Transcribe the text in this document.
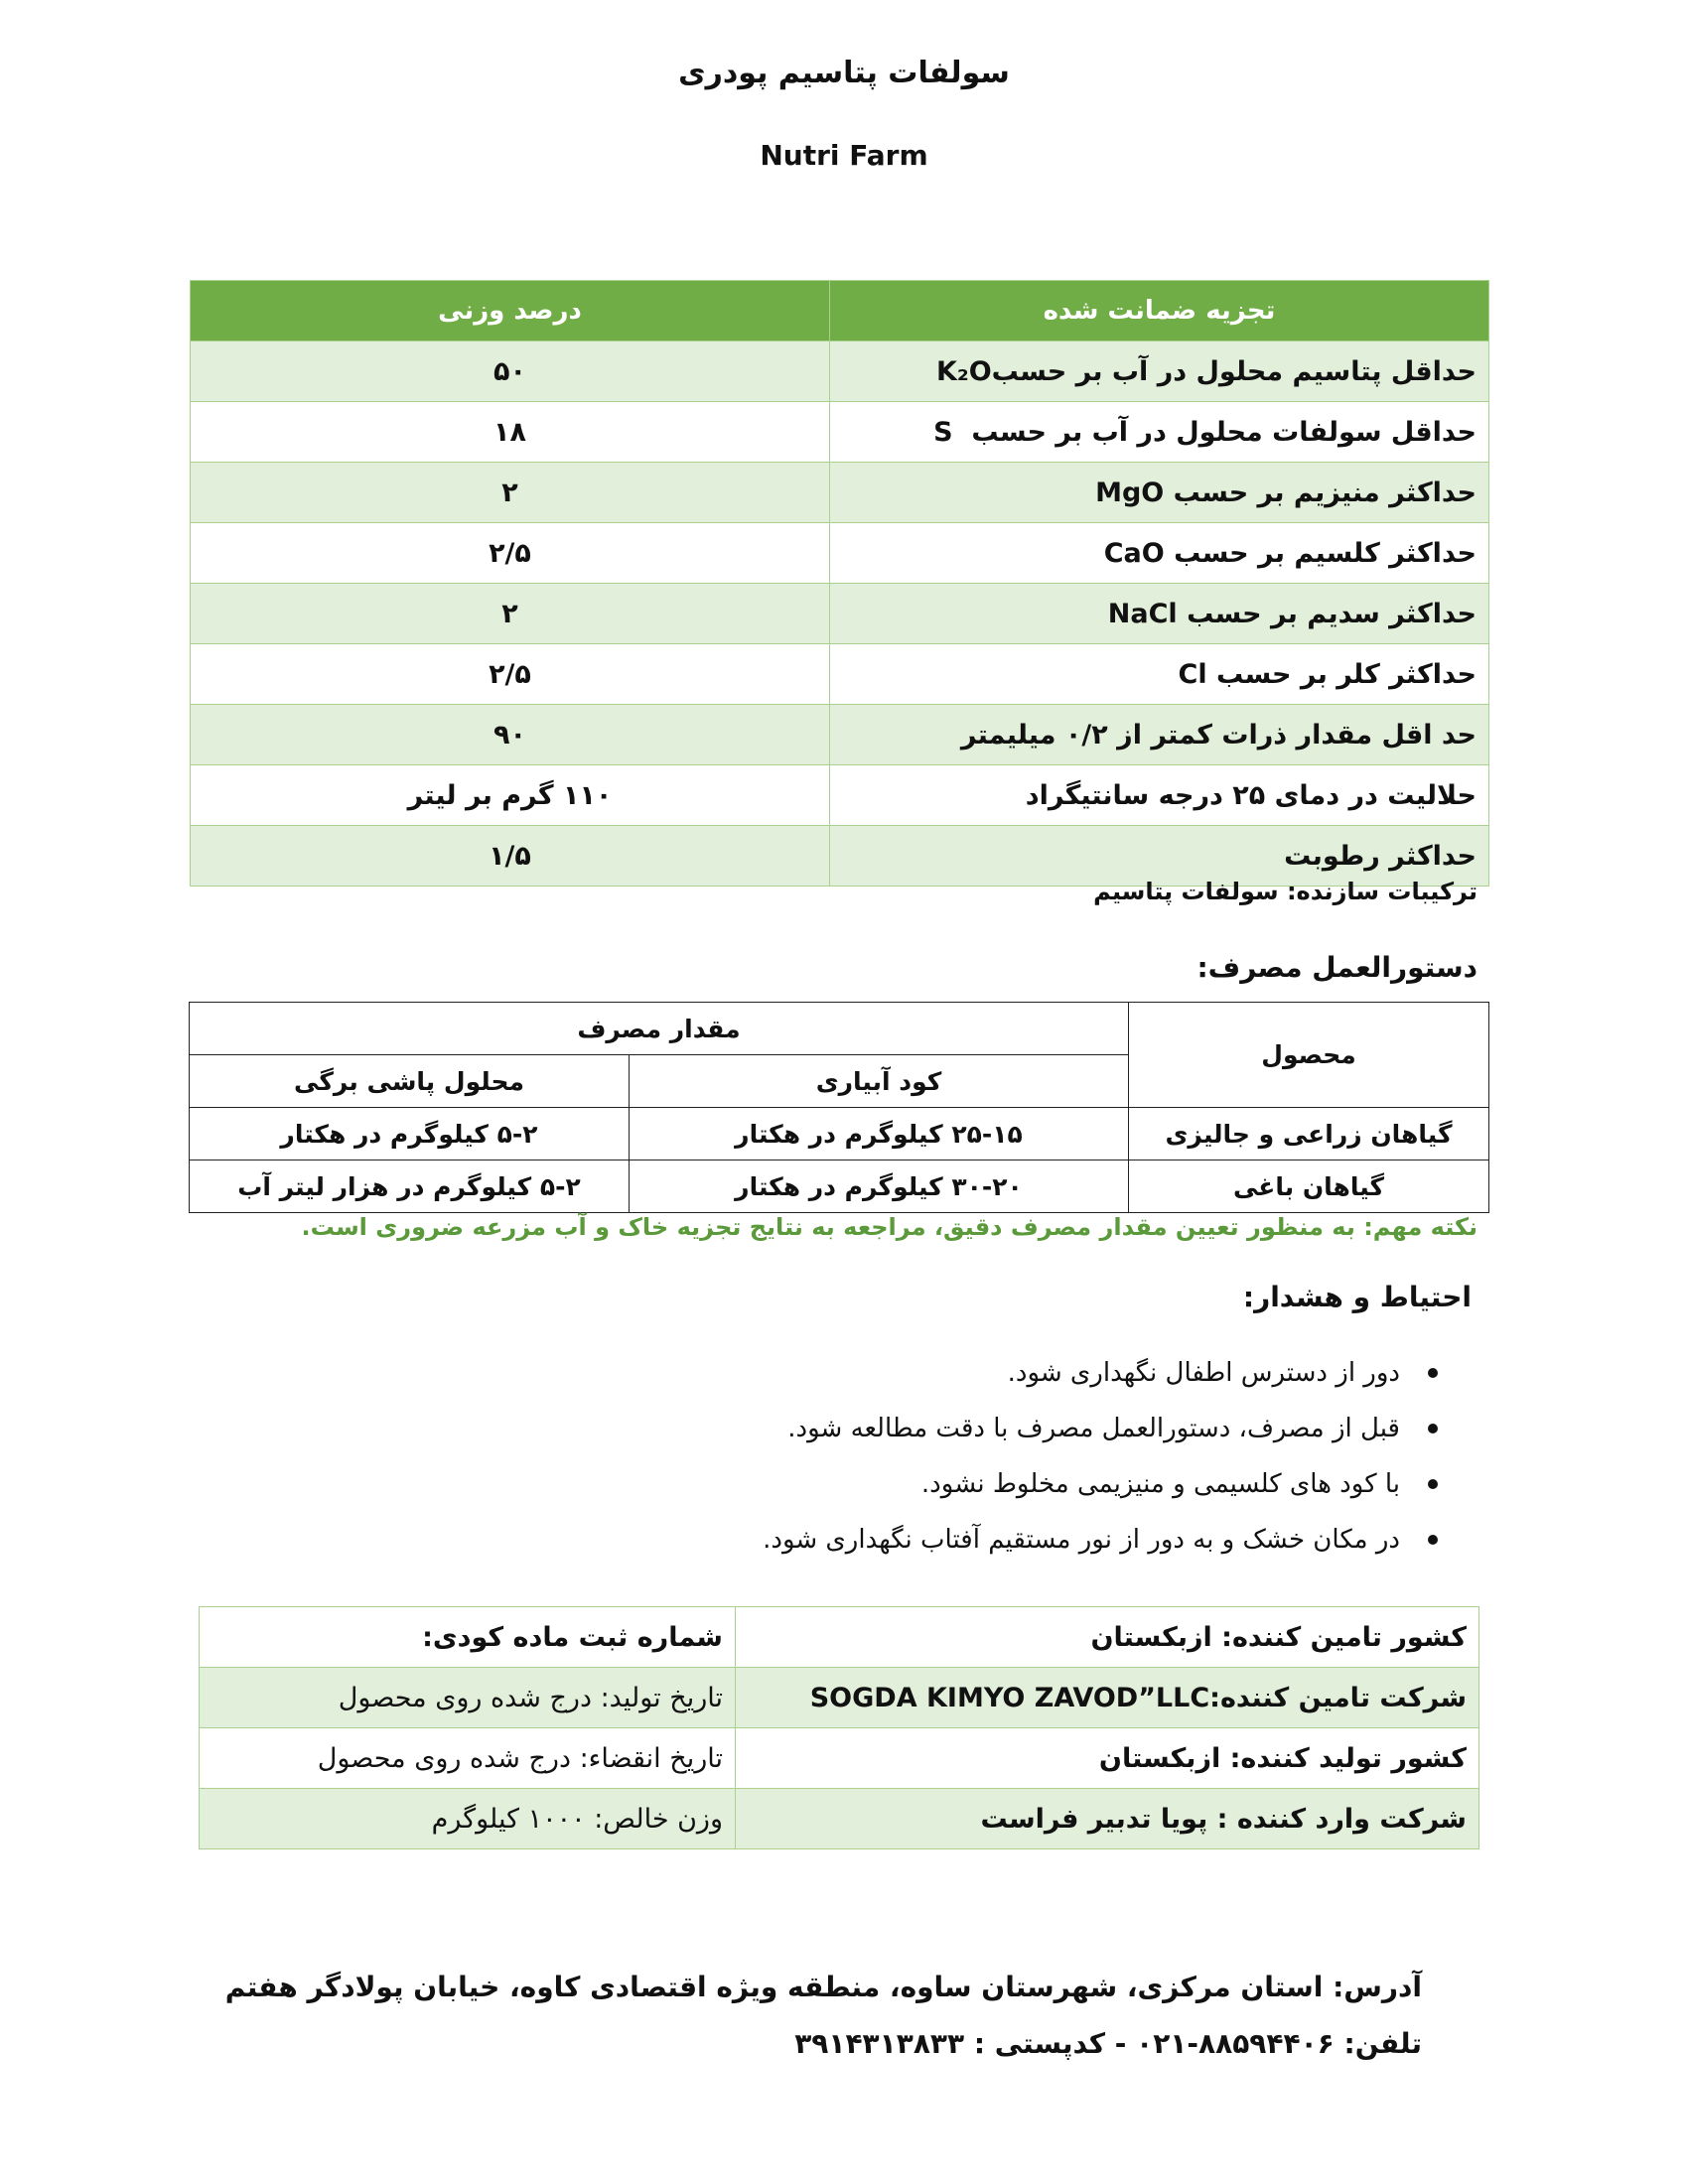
سولفات پتاسیم پودری
Nutri Farm
تجزیه ضمانت شده	درصد وزنی
حداقل پتاسیم محلول در آب بر حسبK₂O	۵۰
حداقل سولفات محلول در آب بر حسب  S	۱۸
حداکثر منیزیم بر حسب MgO	۲
حداکثر کلسیم بر حسب CaO	۲/۵
حداکثر سدیم بر حسب NaCl	۲
حداکثر کلر بر حسب Cl	۲/۵
حد اقل مقدار ذرات کمتر از ۰/۲ میلیمتر	۹۰
حلالیت در دمای ۲۵ درجه سانتیگراد	۱۱۰ گرم بر لیتر
حداکثر رطوبت	۱/۵
ترکیبات سازنده: سولفات پتاسیم
دستورالعمل مصرف:
محصول	مقدار مصرف	
	کود آبیاری	محلول پاشی برگی
گیاهان زراعی و جالیزی	۲۵-۱۵ کیلوگرم در هکتار	۵-۲ کیلوگرم در هکتار
گیاهان باغی	۳۰-۲۰ کیلوگرم در هکتار	۵-۲ کیلوگرم در هزار لیتر آب
نکته مهم: به منظور تعیین مقدار مصرف دقیق، مراجعه به نتایج تجزیه خاک و آب مزرعه ضروری است.
احتیاط و هشدار:
دور از دسترس اطفال نگهداری شود.
قبل از مصرف، دستورالعمل مصرف با دقت مطالعه شود.
با کود های کلسیمی و منیزیمی مخلوط نشود.
در مکان خشک و به دور از نور مستقیم آفتاب نگهداری شود.
کشور تامین کننده: ازبکستان	شماره ثبت ماده کودی:
شرکت تامین کننده:SOGDA KIMYO ZAVOD”LLC	تاریخ تولید: درج شده روی محصول
کشور تولید کننده: ازبکستان	تاریخ انقضاء: درج شده روی محصول
شرکت وارد کننده : پویا تدبیر فراست	وزن خالص: ۱۰۰۰ کیلوگرم
آدرس: استان مرکزی، شهرستان ساوه، منطقه ویژه اقتصادی کاوه، خیابان پولادگر هفتم
تلفن: ۸۸۵۹۴۴۰۶-۰۲۱ - کدپستی : ۳۹۱۴۳۱۳۸۳۳
